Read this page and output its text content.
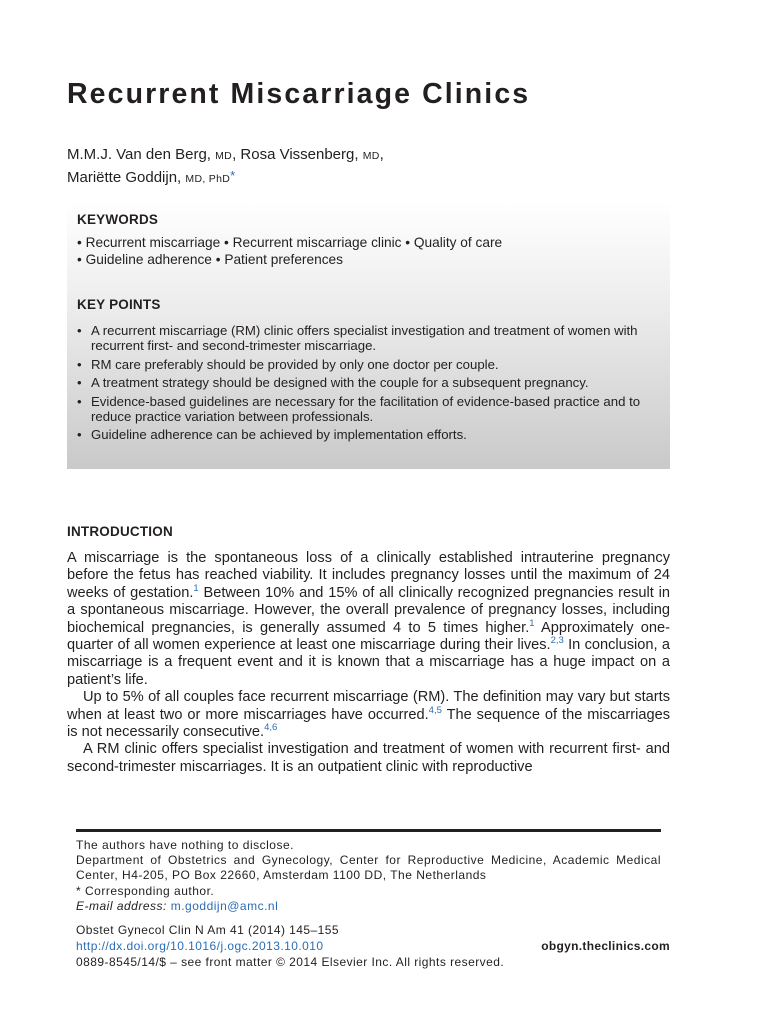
Recurrent Miscarriage Clinics
M.M.J. Van den Berg, MD, Rosa Vissenberg, MD,
Mariëtte Goddijn, MD, PhD*
KEYWORDS
• Recurrent miscarriage • Recurrent miscarriage clinic • Quality of care
• Guideline adherence • Patient preferences
KEY POINTS
• A recurrent miscarriage (RM) clinic offers specialist investigation and treatment of women with recurrent first- and second-trimester miscarriage.
• RM care preferably should be provided by only one doctor per couple.
• A treatment strategy should be designed with the couple for a subsequent pregnancy.
• Evidence-based guidelines are necessary for the facilitation of evidence-based practice and to reduce practice variation between professionals.
• Guideline adherence can be achieved by implementation efforts.
INTRODUCTION

A miscarriage is the spontaneous loss of a clinically established intrauterine pregnancy before the fetus has reached viability. It includes pregnancy losses until the maximum of 24 weeks of gestation.$^1$ Between 10% and 15% of all clinically recognized pregnancies result in a spontaneous miscarriage. However, the overall prevalence of pregnancy losses, including biochemical pregnancies, is generally assumed 4 to 5 times higher.$^1$ Approximately one-quarter of all women experience at least one miscarriage during their lives.$^{2,3}$ In conclusion, a miscarriage is a frequent event and it is known that a miscarriage has a huge impact on a patient’s life.

Up to 5% of all couples face recurrent miscarriage (RM). The definition may vary but starts when at least two or more miscarriages have occurred.$^{4,5}$ The sequence of the miscarriages is not necessarily consecutive.$^{4,6}$

A RM clinic offers specialist investigation and treatment of women with recurrent first- and second-trimester miscarriages. It is an outpatient clinic with reproductive

The authors have nothing to disclose.

Department of Obstetrics and Gynecology, Center for Reproductive Medicine, Academic Medical Center, H4-205, PO Box 22660, Amsterdam 1100 DD, The Netherlands

* Corresponding author.

E-mail address: m.goddijn@amc.nl

Obstet Gynecol Clin N Am 41 (2014) 145–155
http://dx.doi.org/10.1016/j.ogc.2013.10.010	obgyn.theclinics.com
0889-8545/14/$ – see front matter © 2014 Elsevier Inc. All rights reserved.
